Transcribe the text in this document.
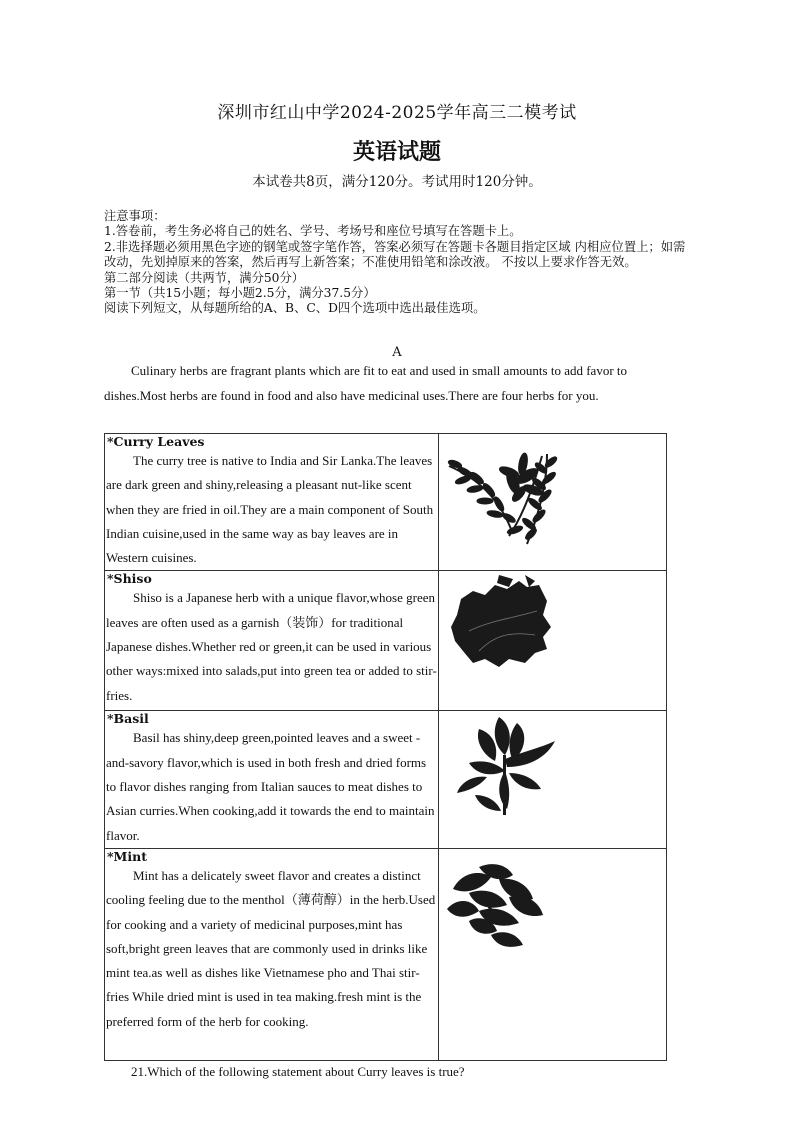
深圳市红山中学2024-2025学年高三二模考试
英语试题
本试卷共8页，满分120分。考试用时120分钟。
注意事项：
1.答卷前，考生务必将自己的姓名、学号、考场号和座位号填写在答题卡上。
2.非选择题必须用黑色字迹的钢笔或签字笔作答，答案必须写在答题卡各题目指定区域 内相应位置上；如需改动，先划掉原来的答案，然后再写上新答案；不准使用铅笔和涂改液。 不按以上要求作答无效。
第二部分阅读（共两节，满分50分）
第一节（共15小题；每小题2.5分，满分37.5分）
阅读下列短文，从每题所给的A、B、C、D四个选项中选出最佳选项。
A
Culinary herbs are fragrant plants which are fit to eat and used in small amounts to add favor to dishes.Most herbs are found in food and also have medicinal uses.There are four herbs for you.
*Curry Leaves
The curry tree is native to India and Sir Lanka.The leaves are dark green and shiny,releasing a pleasant nut-like scent when they are fried in oil.They are a main component of South Indian cuisine,used in the same way as bay leaves are in Western cuisines.

*Shiso
Shiso is a Japanese herb with a unique flavor,whose green leaves are often used as a garnish（装饰）for traditional Japanese dishes.Whether red or green,it can be used in various other ways:mixed into salads,put into green tea or added to stir-fries.

*Basil
Basil has shiny,deep green,pointed leaves and a sweet -and-savory flavor,which is used in both fresh and dried forms to flavor dishes ranging from Italian sauces to meat dishes to Asian curries.When cooking,add it towards the end to maintain flavor.

*Mint
Mint has a delicately sweet flavor and creates a distinct cooling feeling due to the menthol（薄荷醇）in the herb.Used for cooking and a variety of medicinal purposes,mint has soft,bright green leaves that are commonly used in drinks like mint tea.as well as dishes like Vietnamese pho and Thai stir-fries While dried mint is used in tea making.fresh mint is the preferred form of the herb for cooking.

21.Which of the following statement about Curry leaves is true?
